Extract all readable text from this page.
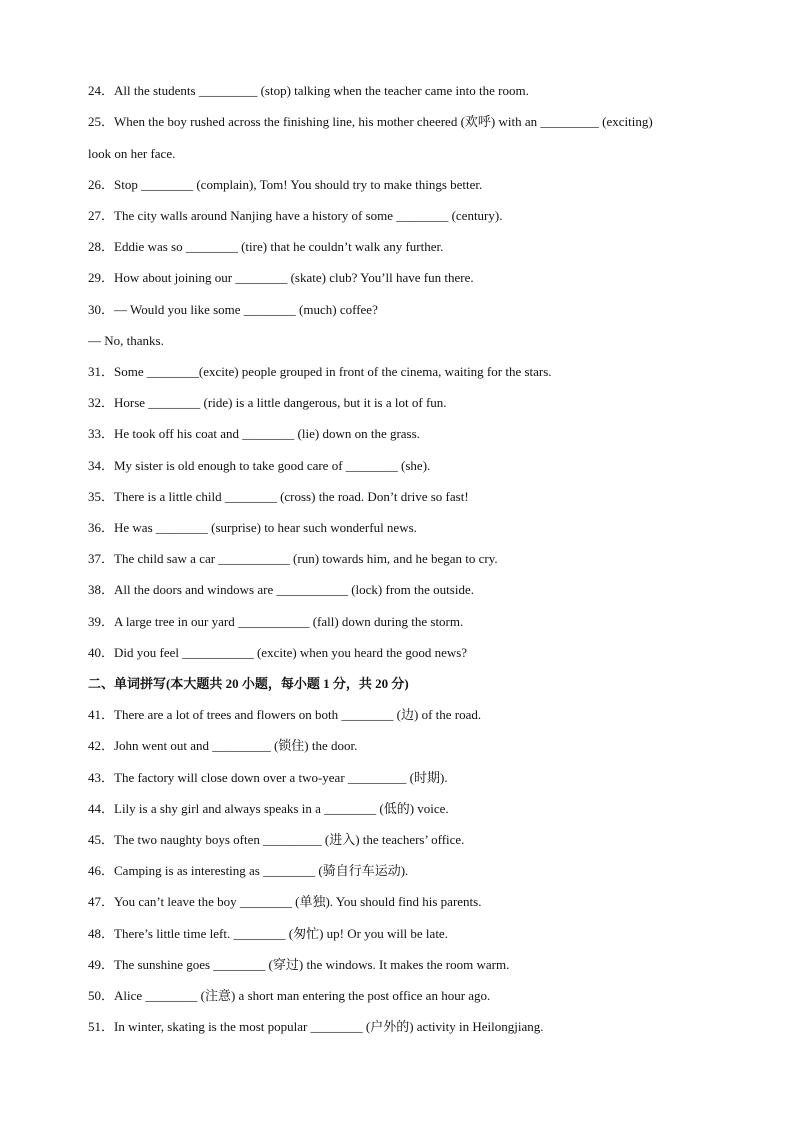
24．All the students _________ (stop) talking when the teacher came into the room.
25．When the boy rushed across the finishing line, his mother cheered (欢呼) with an _________ (exciting)
look on her face.
26．Stop ________ (complain), Tom! You should try to make things better.
27．The city walls around Nanjing have a history of some ________ (century).
28．Eddie was so ________ (tire) that he couldn’t walk any further.
29．How about joining our ________ (skate) club? You’ll have fun there.
30．— Would you like some ________ (much) coffee?
— No, thanks.
31．Some ________(excite) people grouped in front of the cinema, waiting for the stars.
32．Horse ________ (ride) is a little dangerous, but it is a lot of fun.
33．He took off his coat and ________ (lie) down on the grass.
34．My sister is old enough to take good care of ________ (she).
35．There is a little child ________ (cross) the road. Don’t drive so fast!
36．He was ________ (surprise) to hear such wonderful news.
37．The child saw a car ___________ (run) towards him, and he began to cry.
38．All the doors and windows are ___________ (lock) from the outside.
39．A large tree in our yard ___________ (fall) down during the storm.
40．Did you feel ___________ (excite) when you heard the good news?
二、单词拼写(本大题共 20 小题，每小题 1 分，共 20 分)
41．There are a lot of trees and flowers on both ________ (边) of the road.
42．John went out and _________ (锁住) the door.
43．The factory will close down over a two-year _________ (时期).
44．Lily is a shy girl and always speaks in a ________ (低的) voice.
45．The two naughty boys often _________ (进入) the teachers’ office.
46．Camping is as interesting as ________ (骑自行车运动).
47．You can’t leave the boy ________ (单独). You should find his parents.
48．There’s little time left. ________ (匆忙) up! Or you will be late.
49．The sunshine goes ________ (穿过) the windows. It makes the room warm.
50．Alice ________ (注意) a short man entering the post office an hour ago.
51．In winter, skating is the most popular ________ (户外的) activity in Heilongjiang.
